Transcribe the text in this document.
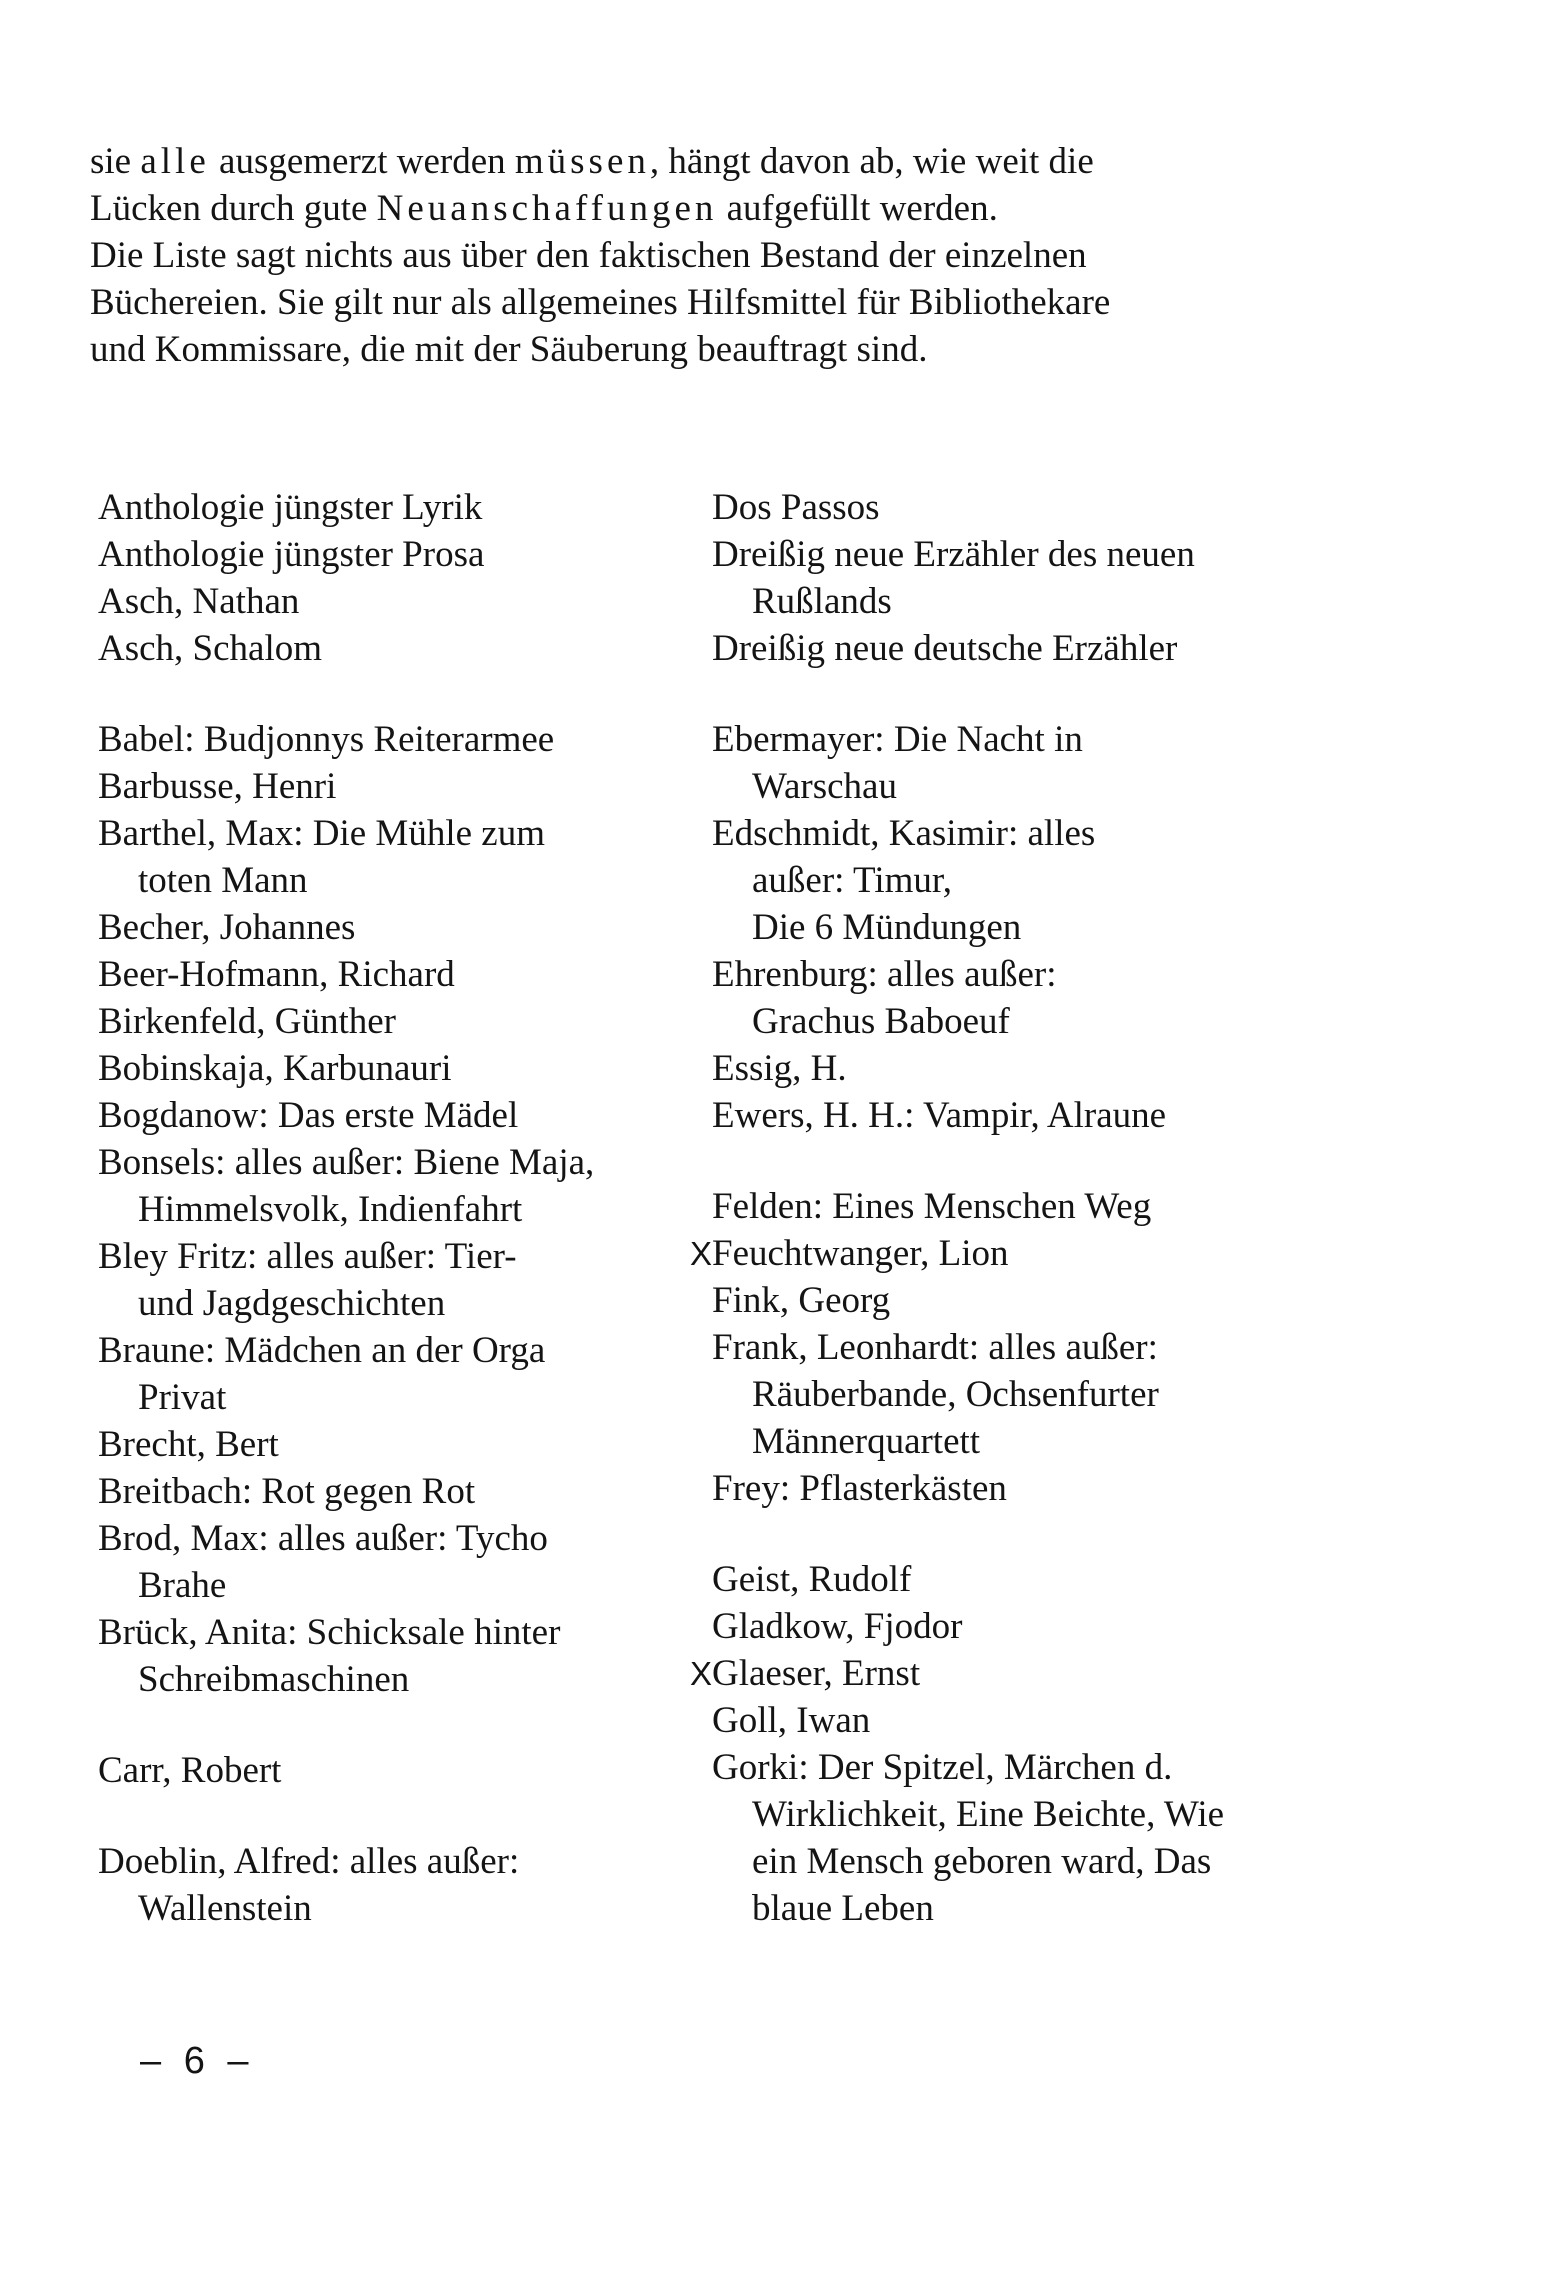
sie alle ausgemerzt werden müssen, hängt davon ab, wie weit die
Lücken durch gute Neuanschaffungen aufgefüllt werden.
Die Liste sagt nichts aus über den faktischen Bestand der einzelnen
Büchereien. Sie gilt nur als allgemeines Hilfsmittel für Bibliothekare
und Kommissare, die mit der Säuberung beauftragt sind.
Anthologie jüngster Lyrik
Anthologie jüngster Prosa
Asch, Nathan
Asch, Schalom
Babel: Budjonnys Reiterarmee
Barbusse, Henri
Barthel, Max: Die Mühle zum
toten Mann
Becher, Johannes
Beer-Hofmann, Richard
Birkenfeld, Günther
Bobinskaja, Karbunauri
Bogdanow: Das erste Mädel
Bonsels: alles außer: Biene Maja,
Himmelsvolk, Indienfahrt
Bley Fritz: alles außer: Tier-
und Jagdgeschichten
Braune: Mädchen an der Orga
Privat
Brecht, Bert
Breitbach: Rot gegen Rot
Brod, Max: alles außer: Tycho
Brahe
Brück, Anita: Schicksale hinter
Schreibmaschinen
Carr, Robert
Doeblin, Alfred: alles außer:
Wallenstein
Dos Passos
Dreißig neue Erzähler des neuen
Rußlands
Dreißig neue deutsche Erzähler
Ebermayer: Die Nacht in
Warschau
Edschmidt, Kasimir: alles
außer: Timur,
Die 6 Mündungen
Ehrenburg: alles außer:
Grachus Baboeuf
Essig, H.
Ewers, H. H.: Vampir, Alraune
Felden: Eines Menschen Weg
X Feuchtwanger, Lion
Fink, Georg
Frank, Leonhardt: alles außer:
Räuberbande, Ochsenfurter
Männerquartett
Frey: Pflasterkästen
Geist, Rudolf
Gladkow, Fjodor
X Glaeser, Ernst
Goll, Iwan
Gorki: Der Spitzel, Märchen d.
Wirklichkeit, Eine Beichte, Wie
ein Mensch geboren ward, Das
blaue Leben
– 6 –
